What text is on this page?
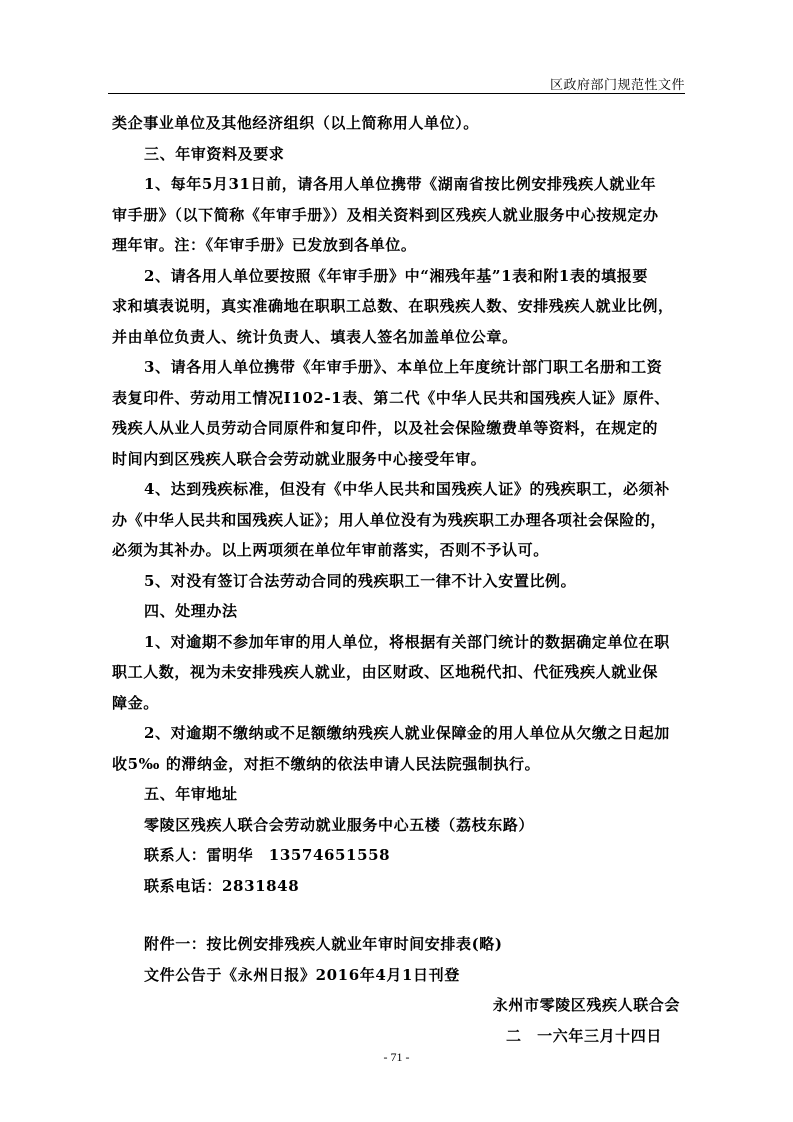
区政府部门规范性文件
类企事业单位及其他经济组织（以上简称用人单位）。
三、年审资料及要求
1、每年5月31日前，请各用人单位携带《湖南省按比例安排残疾人就业年
审手册》（以下简称《年审手册》）及相关资料到区残疾人就业服务中心按规定办
理年审。注：《年审手册》已发放到各单位。
2、请各用人单位要按照《年审手册》中“湘残年基”1表和附1表的填报要
求和填表说明，真实准确地在职职工总数、在职残疾人数、安排残疾人就业比例，
并由单位负责人、统计负责人、填表人签名加盖单位公章。
3、请各用人单位携带《年审手册》、本单位上年度统计部门职工名册和工资
表复印件、劳动用工情况I102-1表、第二代《中华人民共和国残疾人证》原件、
残疾人从业人员劳动合同原件和复印件，以及社会保险缴费单等资料，在规定的
时间内到区残疾人联合会劳动就业服务中心接受年审。
4、达到残疾标准，但没有《中华人民共和国残疾人证》的残疾职工，必须补
办《中华人民共和国残疾人证》；用人单位没有为残疾职工办理各项社会保险的，
必须为其补办。以上两项须在单位年审前落实，否则不予认可。
5、对没有签订合法劳动合同的残疾职工一律不计入安置比例。
四、处理办法
1、对逾期不参加年审的用人单位，将根据有关部门统计的数据确定单位在职
职工人数，视为未安排残疾人就业，由区财政、区地税代扣、代征残疾人就业保
障金。
2、对逾期不缴纳或不足额缴纳残疾人就业保障金的用人单位从欠缴之日起加
收5‰ 的滞纳金，对拒不缴纳的依法申请人民法院强制执行。
五、年审地址
零陵区残疾人联合会劳动就业服务中心五楼（荔枝东路）
联系人：雷明华　13574651558
联系电话：2831848
附件一：按比例安排残疾人就业年审时间安排表(略)
文件公告于《永州日报》2016年4月1日刊登
永州市零陵区残疾人联合会
二　一六年三月十四日
- 71 -
